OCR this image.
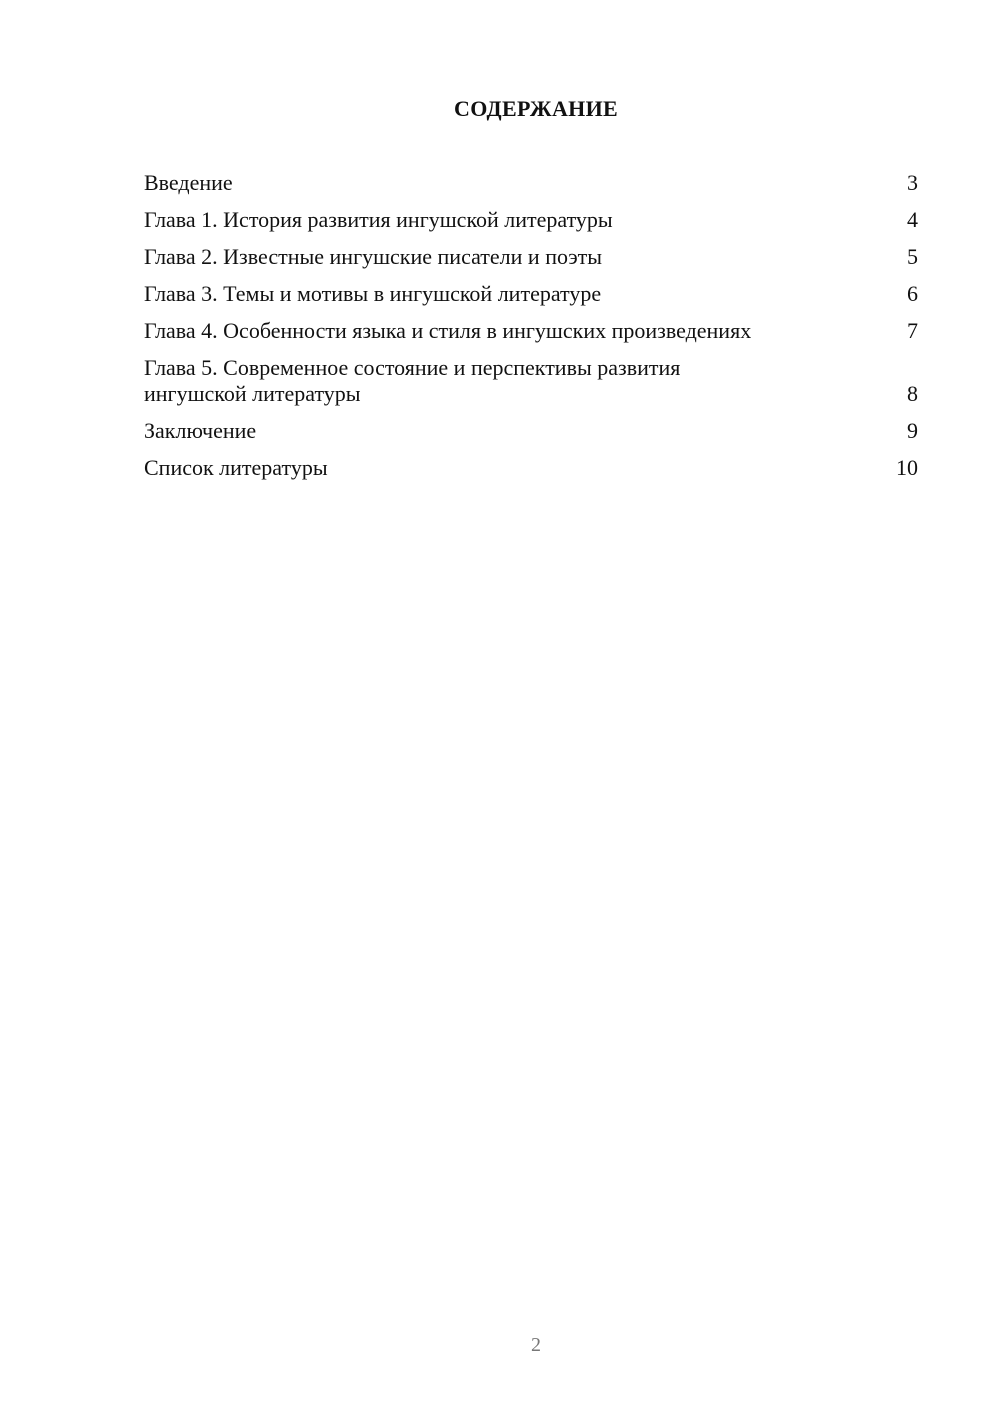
СОДЕРЖАНИЕ
Введение	3
Глава 1. История развития ингушской литературы	4
Глава 2. Известные ингушские писатели и поэты	5
Глава 3. Темы и мотивы в ингушской литературе	6
Глава 4. Особенности языка и стиля в ингушских произведениях	7
Глава 5. Современное состояние и перспективы развития ингушской литературы	8
Заключение	9
Список литературы	10
2
